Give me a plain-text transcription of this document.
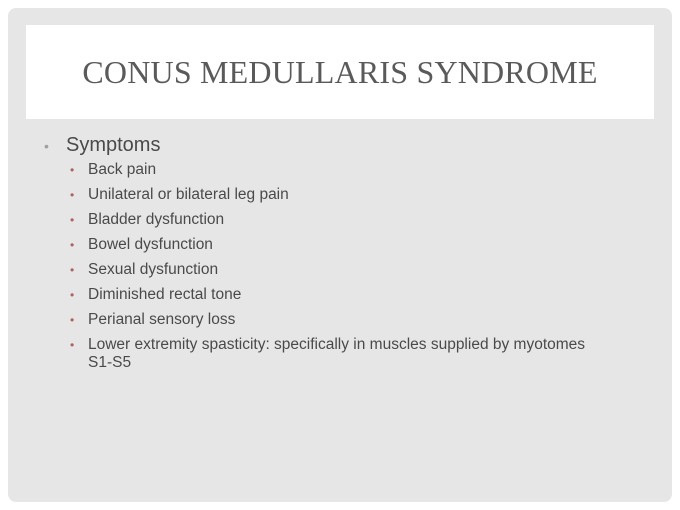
CONUS MEDULLARIS SYNDROME
• Symptoms
• Back pain
• Unilateral or bilateral leg pain
• Bladder dysfunction
• Bowel dysfunction
• Sexual dysfunction
• Diminished rectal tone
• Perianal sensory loss
• Lower extremity spasticity: specifically in muscles supplied by myotomes S1-S5
